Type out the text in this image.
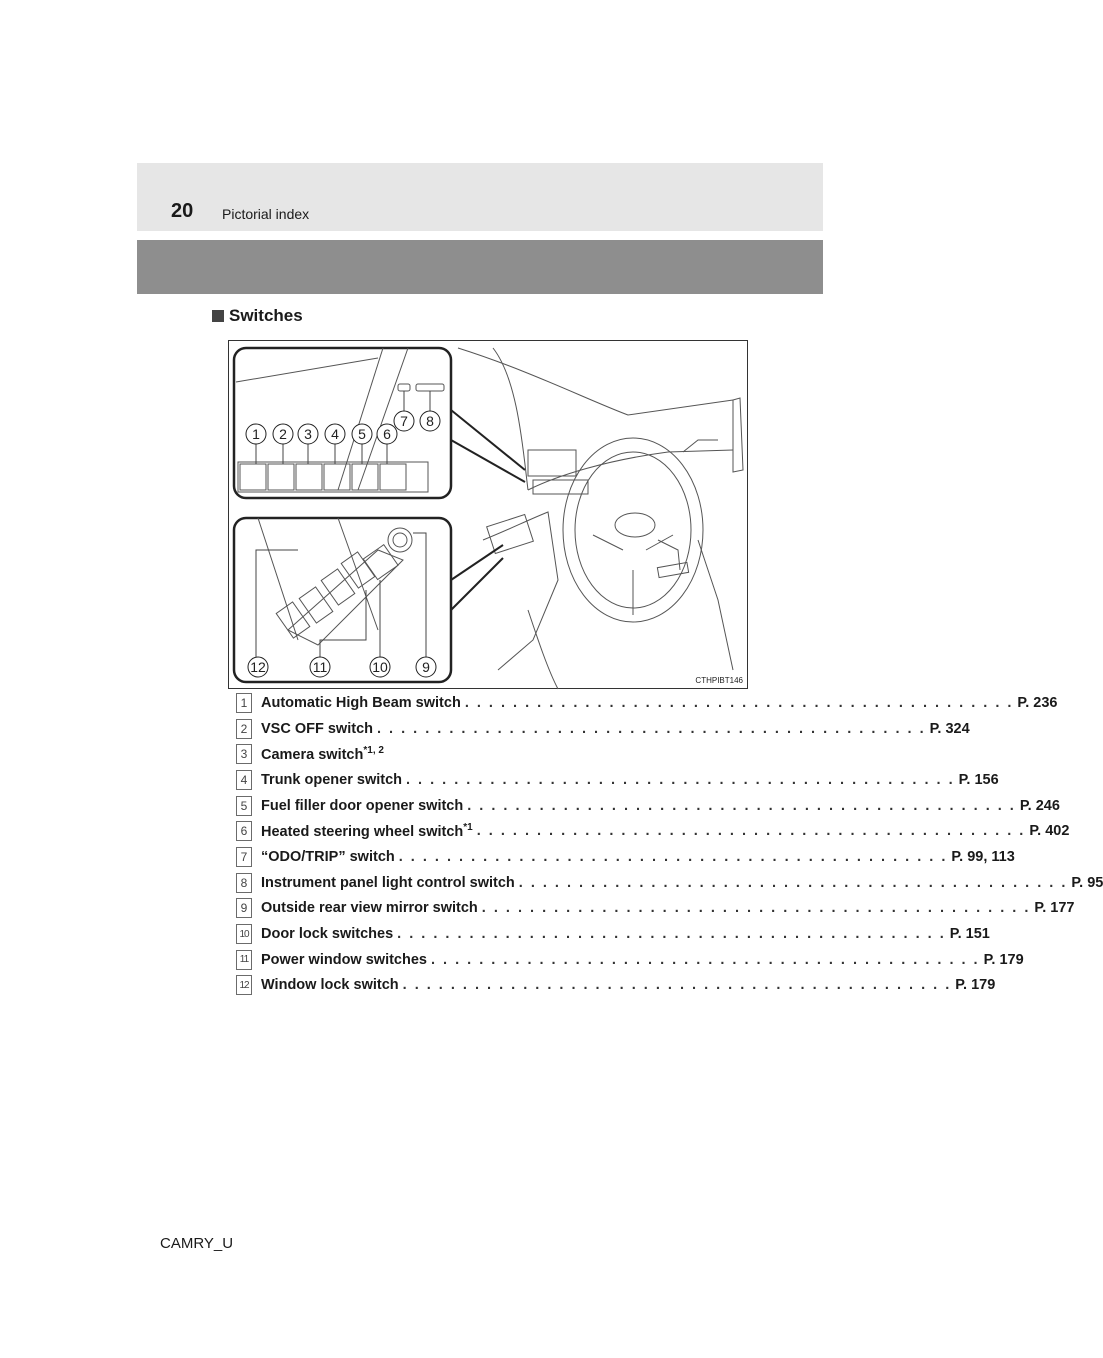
20 Pictorial index
Switches
1 2 3 4 5 6
7 8
12	11	10 9
CTHPIBT146
1 Automatic High Beam switch . . . . . . . . . . . . . . . . . . . . . . . . . . . . . . . . . . . . . . . . . . . . . . P. 236
2 VSC OFF switch . . . . . . . . . . . . . . . . . . . . . . . . . . . . . . . . . . . . . . . . . . . . . . P. 324
3 Camera switch$^{*1, 2}$
4 Trunk opener switch . . . . . . . . . . . . . . . . . . . . . . . . . . . . . . . . . . . . . . . . . . . . . . P. 156
5 Fuel filler door opener switch . . . . . . . . . . . . . . . . . . . . . . . . . . . . . . . . . . . . . . . . . . . . . . P. 246
6 Heated steering wheel switch$^{*1}$ . . . . . . . . . . . . . . . . . . . . . . . . . . . . . . . . . . . . . . . . . . . . . . P. 402
7 “ODO/TRIP” switch . . . . . . . . . . . . . . . . . . . . . . . . . . . . . . . . . . . . . . . . . . . . . . P. 99, 113
8 Instrument panel light control switch . . . . . . . . . . . . . . . . . . . . . . . . . . . . . . . . . . . . . . . . . . . . . . P. 95
9 Outside rear view mirror switch . . . . . . . . . . . . . . . . . . . . . . . . . . . . . . . . . . . . . . . . . . . . . . P. 177
10 Door lock switches . . . . . . . . . . . . . . . . . . . . . . . . . . . . . . . . . . . . . . . . . . . . . . P. 151
11 Power window switches . . . . . . . . . . . . . . . . . . . . . . . . . . . . . . . . . . . . . . . . . . . . . . P. 179
12 Window lock switch . . . . . . . . . . . . . . . . . . . . . . . . . . . . . . . . . . . . . . . . . . . . . . P. 179
CAMRY_U
